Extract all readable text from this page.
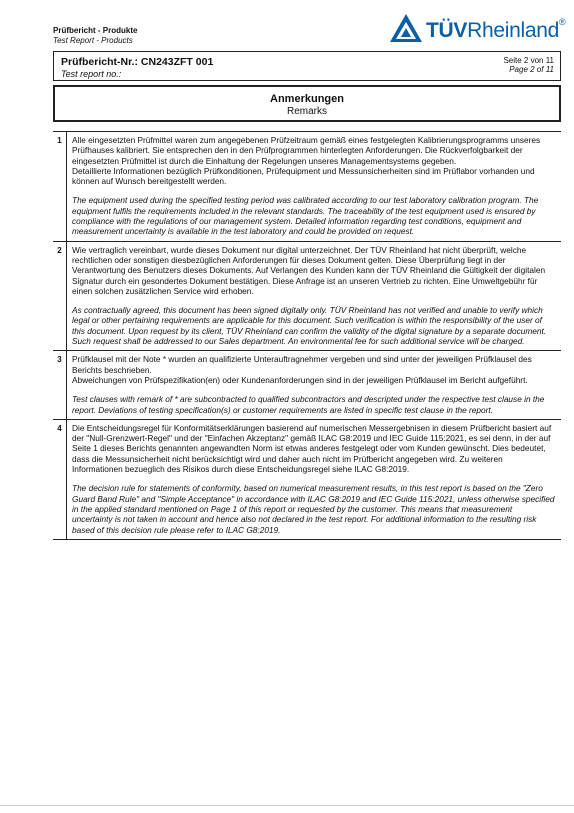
Prüfbericht - Produkte
Test Report - Products	TÜVRheinland®
Prüfbericht-Nr.: CN243ZFT 001
Test report no.:
Seite 2 von 11
Page 2 of 11
Anmerkungen
Remarks
1	Alle eingesetzten Prüfmittel waren zum angegebenen Prüfzeitraum gemäß eines festgelegten Kalibrierungsprogramms unseres Prüfhauses kalibriert. Sie entsprechen den in den Prüfprogrammen hinterlegten Anforderungen. Die Rückverfolgbarkeit der eingesetzten Prüfmittel ist durch die Einhaltung der Regelungen unseres Managementsystems gegeben.

Detaillierte Informationen bezüglich Prüfkonditionen, Prüfequipment und Messunsicherheiten sind im Prüflabor vorhanden und können auf Wunsch bereitgestellt werden.

The equipment used during the specified testing period was calibrated according to our test laboratory calibration program. The equipment fulfils the requirements included in the relevant standards. The traceability of the test equipment used is ensured by compliance with the regulations of our management system. Detailed information regarding test conditions, equipment and measurement uncertainty is available in the test laboratory and could be provided on request.

2	Wie vertraglich vereinbart, wurde dieses Dokument nur digital unterzeichnet. Der TÜV Rheinland hat nicht überprüft, welche rechtlichen oder sonstigen diesbezüglichen Anforderungen für dieses Dokument gelten. Diese Überprüfung liegt in der Verantwortung des Benutzers dieses Dokuments. Auf Verlangen des Kunden kann der TÜV Rheinland die Gültigkeit der digitalen Signatur durch ein gesondertes Dokument bestätigen. Diese Anfrage ist an unseren Vertrieb zu richten. Eine Umweltgebühr für einen solchen zusätzlichen Service wird erhoben.

As contractually agreed, this document has been signed digitally only. TÜV Rheinland has not verified and unable to verify which legal or other pertaining requirements are applicable for this document. Such verification is within the responsibility of the user of this document. Upon request by its client, TÜV Rheinland can confirm the validity of the digital signature by a separate document. Such request shall be addressed to our Sales department. An environmental fee for such additional service will be charged.

3	Prüfklausel mit der Note * wurden an qualifizierte Unterauftragnehmer vergeben und sind unter der jeweiligen Prüfklausel des Berichts beschrieben.

Abweichungen von Prüfspezifikation(en) oder Kundenanforderungen sind in der jeweiligen Prüfklausel im Bericht aufgeführt.

Test clauses with remark of * are subcontracted to qualified subcontractors and descripted under the respective test clause in the report. Deviations of testing specification(s) or customer requirements are listed in specific test clause in the report.

4	Die Entscheidungsregel für Konformitätserklärungen basierend auf numerischen Messergebnisen in diesem Prüfbericht basiert auf der "Null-Grenzwert-Regel" und der "Einfachen Akzeptanz" gemäß ILAC G8:2019 und IEC Guide 115:2021, es sei denn, in der auf Seite 1 dieses Berichts genannten angewandten Norm ist etwas anderes festgelegt oder vom Kunden gewünscht. Dies bedeutet, dass die Messunsicherheit nicht berücksichtigt wird und daher auch nicht im Prüfbericht angegeben wird. Zu weiteren Informationen bezueglich des Risikos durch diese Entscheidungsregel siehe ILAC G8:2019.

The decision rule for statements of conformity, based on numerical measurement results, in this test report is based on the "Zero Guard Band Rule" and "Simple Acceptance" in accordance with ILAC G8:2019 and IEC Guide 115:2021, unless otherwise specified in the applied standard mentioned on Page 1 of this report or requested by the customer. This means that measurement uncertainty is not taken in account and hence also not declared in the test report. For additional information to the resulting risk based of this decision rule please refer to ILAC G8:2019.
